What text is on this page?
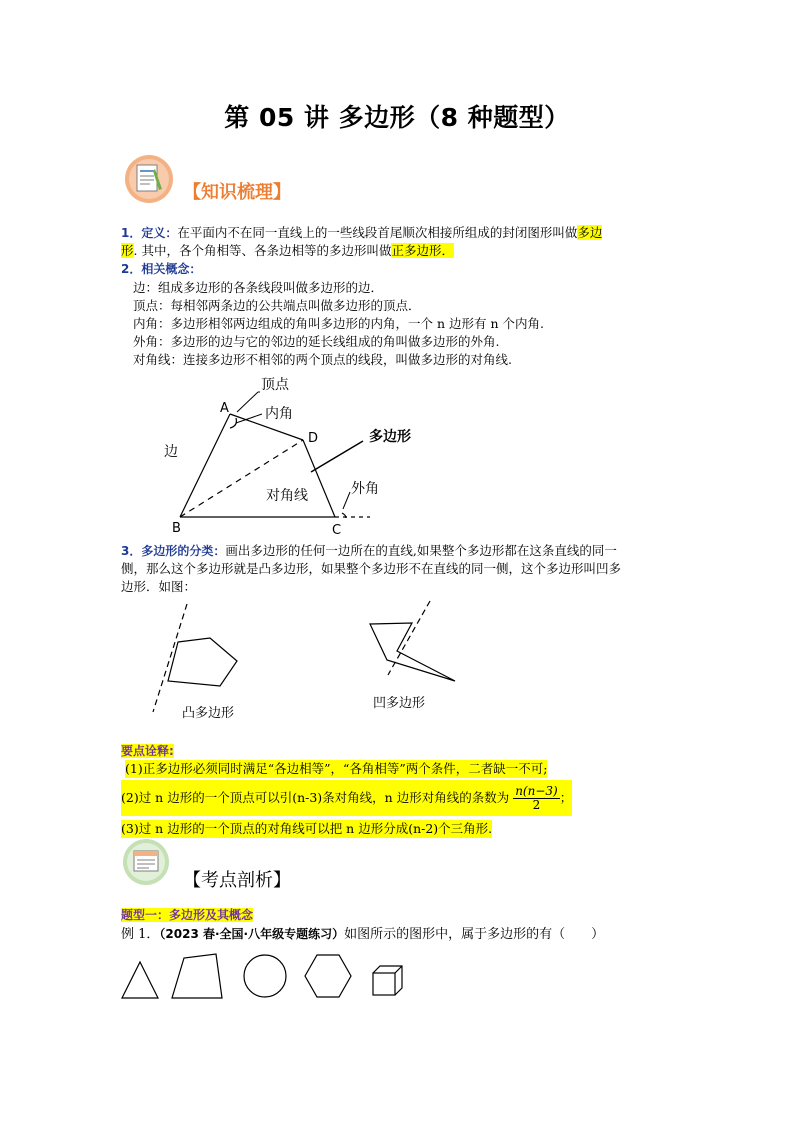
第 05 讲 多边形（8 种题型）
【知识梳理】
1．定义：在平面内不在同一直线上的一些线段首尾顺次相接所组成的封闭图形叫做多边
形. 其中，各个角相等、各条边相等的多边形叫做正多边形．
2．相关概念：
边：组成多边形的各条线段叫做多边形的边．
顶点：每相邻两条边的公共端点叫做多边形的顶点．
内角：多边形相邻两边组成的角叫多边形的内角，一个 n 边形有 n 个内角.
外角：多边形的边与它的邻边的延长线组成的角叫做多边形的外角.
对角线：连接多边形不相邻的两个顶点的线段，叫做多边形的对角线.
A
B	C
D
顶点
内角
多边形
边
对角线	外角
3．多边形的分类：画出多边形的任何一边所在的直线,如果整个多边形都在这条直线的同一
侧，那么这个多边形就是凸多边形，如果整个多边形不在直线的同一侧，这个多边形叫凹多
边形．如图：
凸多边形
凹多边形
要点诠释:
(1)正多边形必须同时满足“各边相等”，“各角相等”两个条件，二者缺一不可;
(2)过 n 边形的一个顶点可以引(n-3)条对角线，n 边形对角线的条数为 $\frac{n(n-3)}{2}$ ；
(3)过 n 边形的一个顶点的对角线可以把 n 边形分成(n-2)个三角形.
【考点剖析】
题型一：多边形及其概念
例 1．（2023 春·全国·八年级专题练习）如图所示的图形中，属于多边形的有（　　）
